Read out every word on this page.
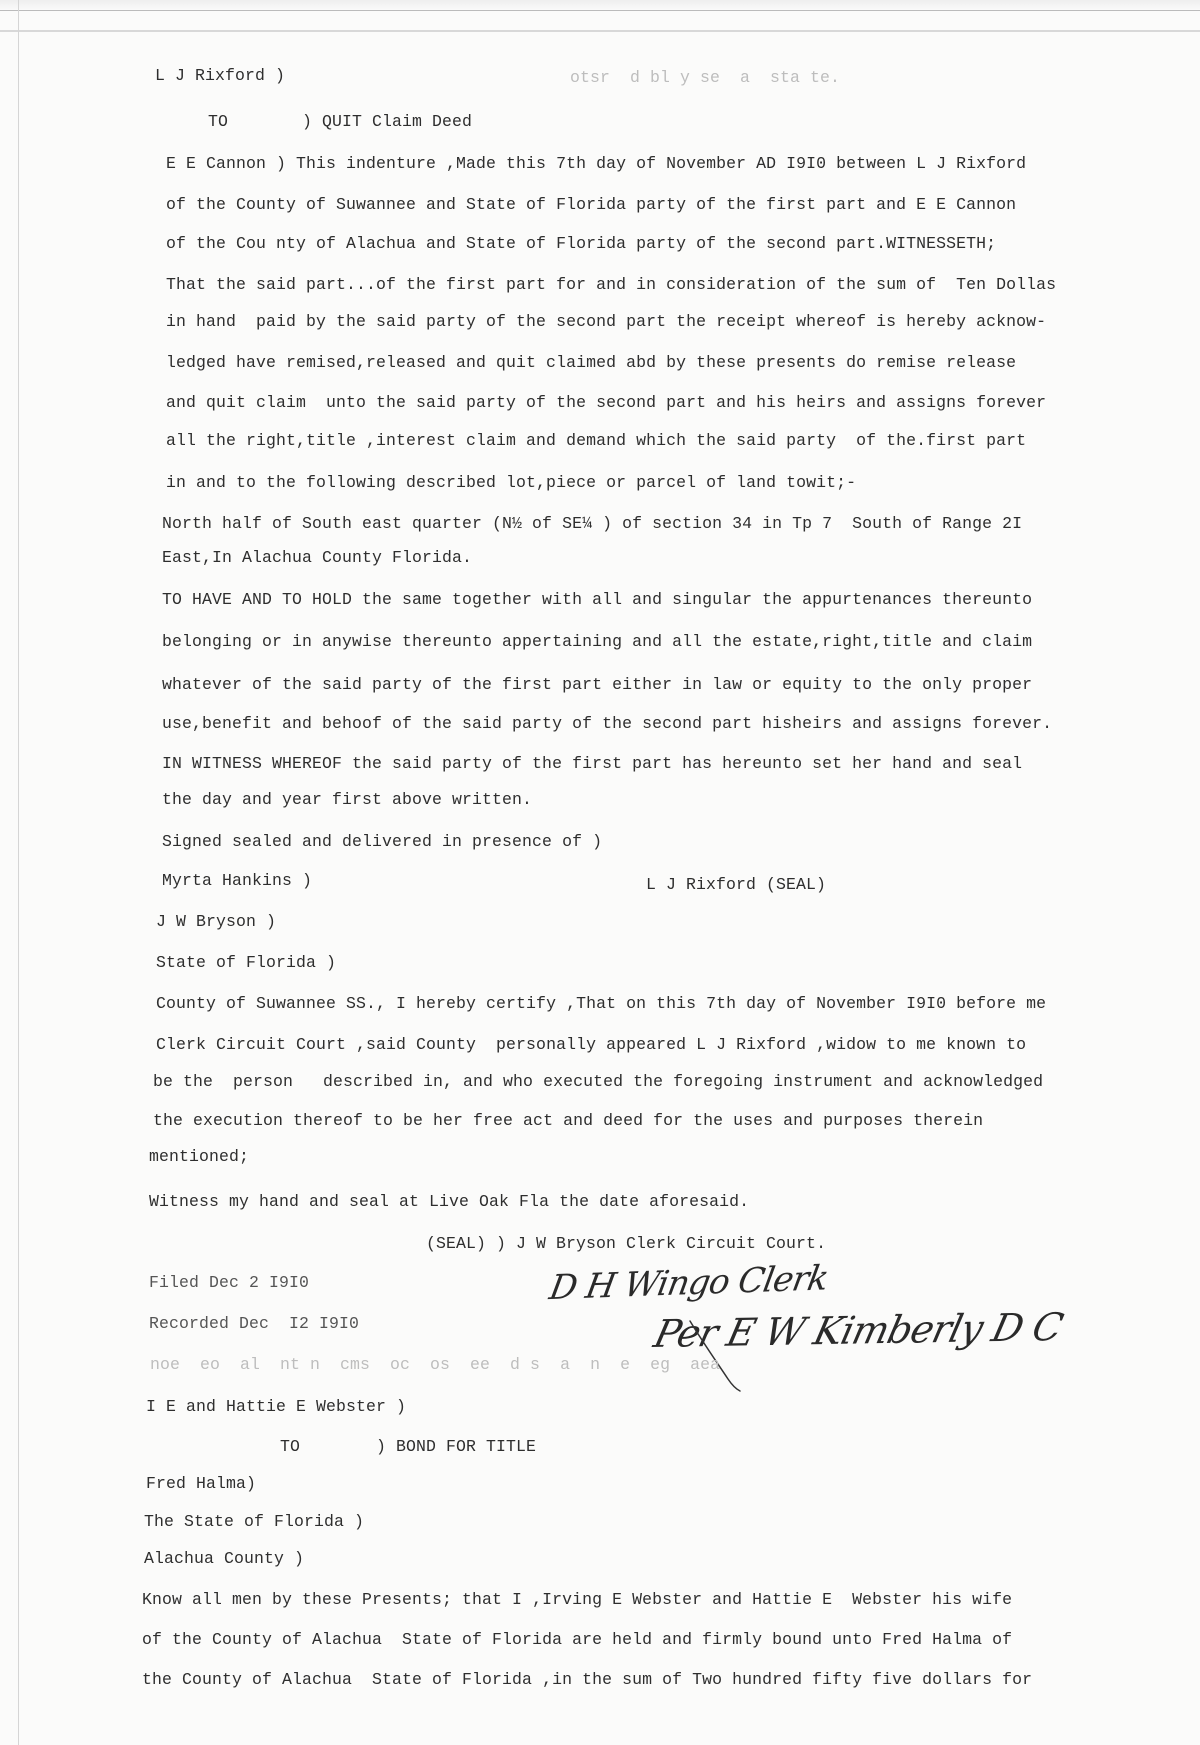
L J Rixford )	otsr  d bl y se  a  sta te.
TO	) QUIT Claim Deed
E E Cannon ) This indenture ,Made this 7th day of November AD I9I0 between L J Rixford
of the County of Suwannee and State of Florida party of the first part and E E Cannon
of the Cou nty of Alachua and State of Florida party of the second part.WITNESSETH;
That the said part...of the first part for and in consideration of the sum of  Ten Dollas
in hand  paid by the said party of the second part the receipt whereof is hereby acknow-
ledged have remised,released and quit claimed abd by these presents do remise release
and quit claim  unto the said party of the second part and his heirs and assigns forever
all the right,title ,interest claim and demand which the said party  of the.first part
in and to the following described lot,piece or parcel of land towit;-
North half of South east quarter (N½ of SE¼ ) of section 34 in Tp 7  South of Range 2I
East,In Alachua County Florida.
TO HAVE AND TO HOLD the same together with all and singular the appurtenances thereunto
belonging or in anywise thereunto appertaining and all the estate,right,title and claim
whatever of the said party of the first part either in law or equity to the only proper
use,benefit and behoof of the said party of the second part hisheirs and assigns forever.
IN WITNESS WHEREOF the said party of the first part has hereunto set her hand and seal
the day and year first above written.
Signed sealed and delivered in presence of )
Myrta Hankins )	L J Rixford (SEAL)
J W Bryson )
State of Florida )
County of Suwannee SS., I hereby certify ,That on this 7th day of November I9I0 before me
Clerk Circuit Court ,said County  personally appeared L J Rixford ,widow to me known to
be the  person   described in, and who executed the foregoing instrument and acknowledged
the execution thereof to be her free act and deed for the uses and purposes therein
mentioned;
Witness my hand and seal at Live Oak Fla the date aforesaid.
(SEAL) ) J W Bryson Clerk Circuit Court.
Filed Dec 2 I9I0
Recorded Dec  I2 I9I0
D H Wingo Clerk
Per E W Kimberly D C
noe  eo  al  nt n  cms  oc  os  ee  d s  a  n  e  eg  aea
I E and Hattie E Webster )
TO	) BOND FOR TITLE
Fred Halma)
The State of Florida )
Alachua County )
Know all men by these Presents; that I ,Irving E Webster and Hattie E  Webster his wife
of the County of Alachua  State of Florida are held and firmly bound unto Fred Halma of
the County of Alachua  State of Florida ,in the sum of Two hundred fifty five dollars for
